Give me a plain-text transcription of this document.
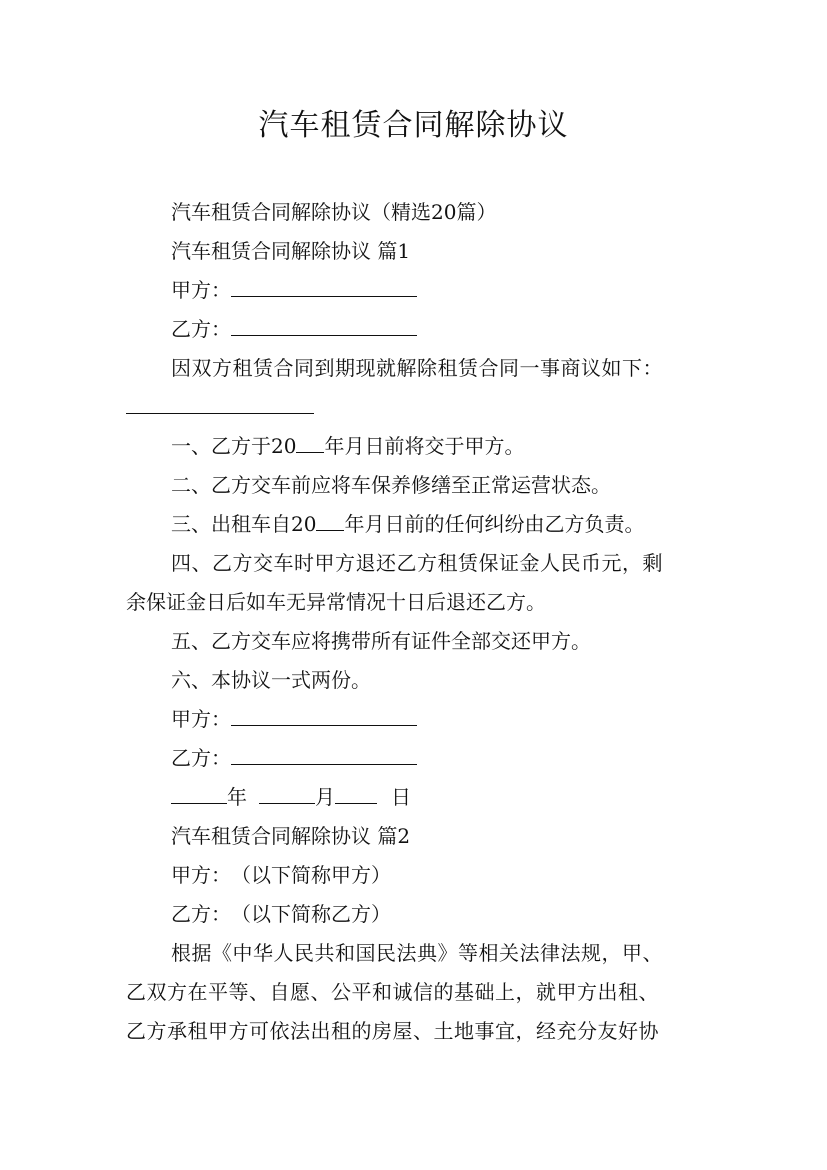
汽车租赁合同解除协议

汽车租赁合同解除协议（精选20篇）

汽车租赁合同解除协议 篇1

甲方：

乙方：

因双方租赁合同到期现就解除租赁合同一事商议如下：

一、乙方于20 年月日前将交于甲方。

二、乙方交车前应将车保养修缮至正常运营状态。

三、出租车自20 年月日前的任何纠纷由乙方负责。

四、乙方交车时甲方退还乙方租赁保证金人民币元，剩

余保证金日后如车无异常情况十日后退还乙方。

五、乙方交车应将携带所有证件全部交还甲方。

六、本协议一式两份。

甲方：

乙方：

年	月	日

汽车租赁合同解除协议 篇2

甲方：　（以下简称甲方）

乙方：　（以下简称乙方）

根据《中华人民共和国民法典》等相关法律法规，甲、

乙双方在平等、自愿、公平和诚信的基础上，就甲方出租、

乙方承租甲方可依法出租的房屋、土地事宜，经充分友好协
